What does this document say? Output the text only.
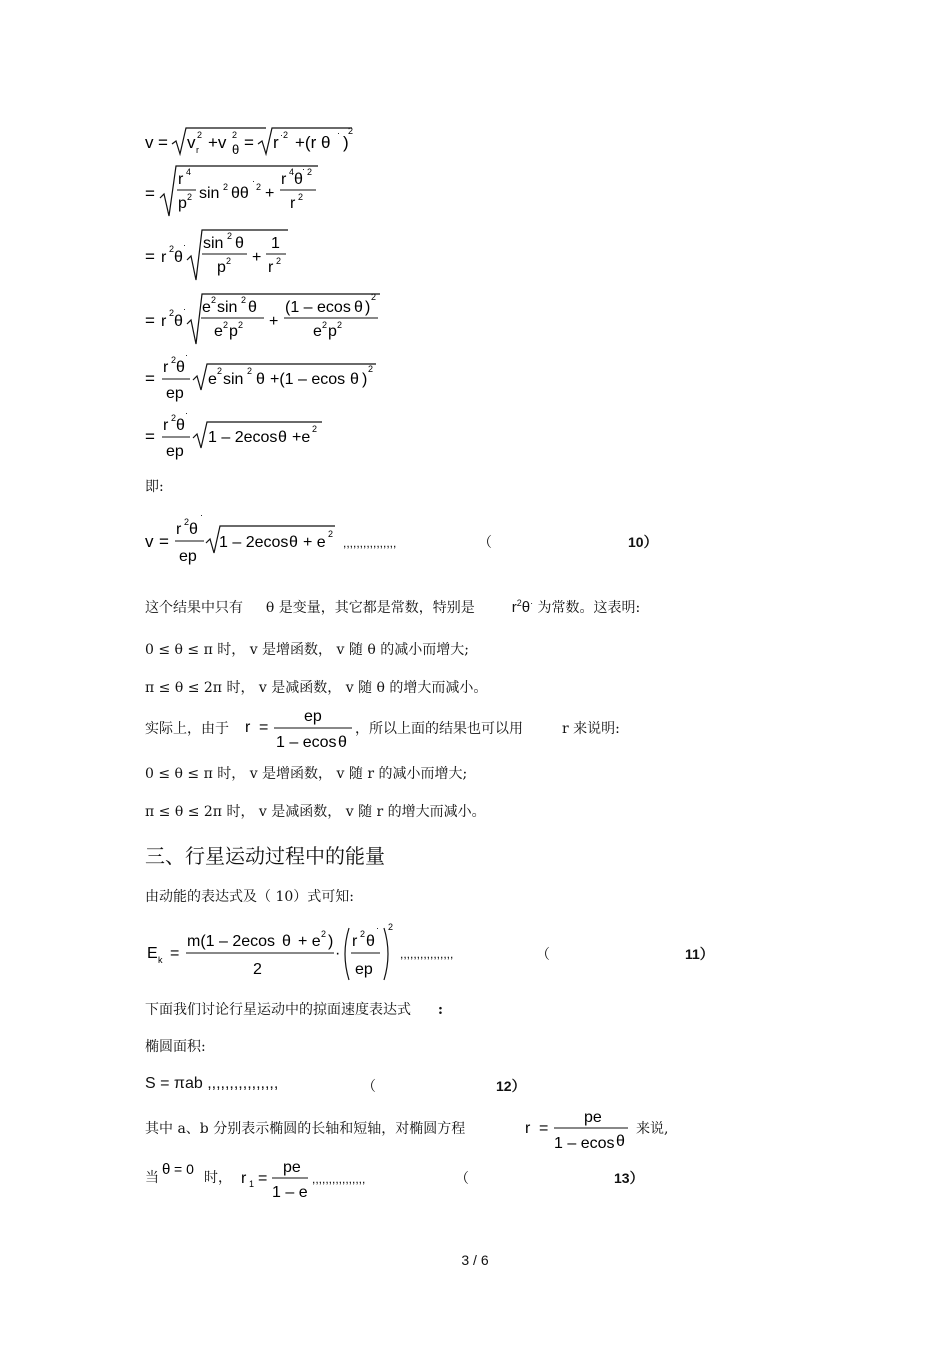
v = v r
2 +v θ
2 = r ·2 +(r θ · )
2
=
r 4
p 2 sin 2 θθ
·
2 +
r 4 θ
· 2
r 2
= r 2 θ
· sin 2 θ
p 2 +
1
r 2
= r 2 θ
· e 2 sin 2 θ
e 2 p 2 +
(1 – ecos θ )
2
e 2 p 2
=
r 2 θ
·
ep
e 2 sin 2 θ +(1 – ecos θ )
2
=
r 2 θ
·
ep
1 – 2ecos θ +e 2
即:
v =
r 2 θ
·
ep
1 – 2ecos θ + e 2
,,,,,,,,,,,,,,,,	（	10）
这个结果中只有 θ 是变量，其它都是常数，特别是 $r^2\theta^\cdot$ 为常数。这表明:
0 ≤ θ ≤ π 时， v 是增函数， v 随 θ 的减小而增大;
π ≤ θ ≤ 2π 时， v 是减函数， v 随 θ 的增大而减小。
实际上，由于 r =
ep
1 – ecos θ
，所以上面的结果也可以用	r 来说明:
0 ≤ θ ≤ π 时， v 是增函数， v 随 r 的减小而增大;
π ≤ θ ≤ 2π 时， v 是减函数， v 随 r 的增大而减小。
三、行星运动过程中的能量
由动能的表达式及（ 10）式可知:
E k =
m(1 – 2ecos θ + e 2 )
2
·
r 2 θ
·
ep
2
,,,,,,,,,,,,,,,,	（	11）
下面我们讨论行星运动中的掠面速度表达式 :
椭圆面积:
S = πab ,,,,,,,,,,,,,,,,	（	12）
其中 a、b 分别表示椭圆的长轴和短轴，对椭圆方程	r =
pe
1 – ecos θ
来说,
当 θ = 0
时， r 1 =
pe
1 – e
,,,,,,,,,,,,,,,,	（	13）
3 / 6
